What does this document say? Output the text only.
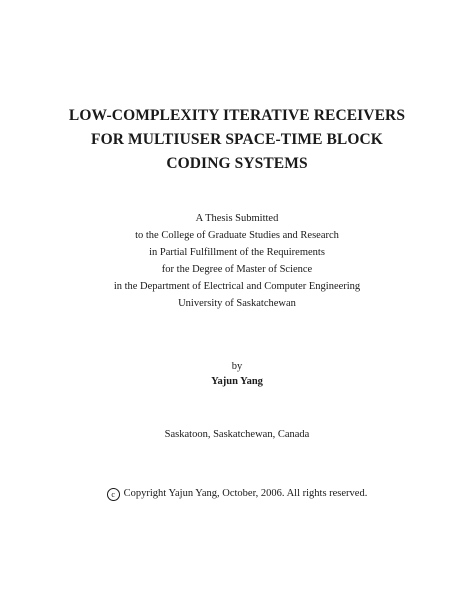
LOW-COMPLEXITY ITERATIVE RECEIVERS
FOR MULTIUSER SPACE-TIME BLOCK
CODING SYSTEMS
A Thesis Submitted
to the College of Graduate Studies and Research
in Partial Fulfillment of the Requirements
for the Degree of Master of Science
in the Department of Electrical and Computer Engineering
University of Saskatchewan
by
Yajun Yang
Saskatoon, Saskatchewan, Canada
c Copyright Yajun Yang, October, 2006. All rights reserved.
